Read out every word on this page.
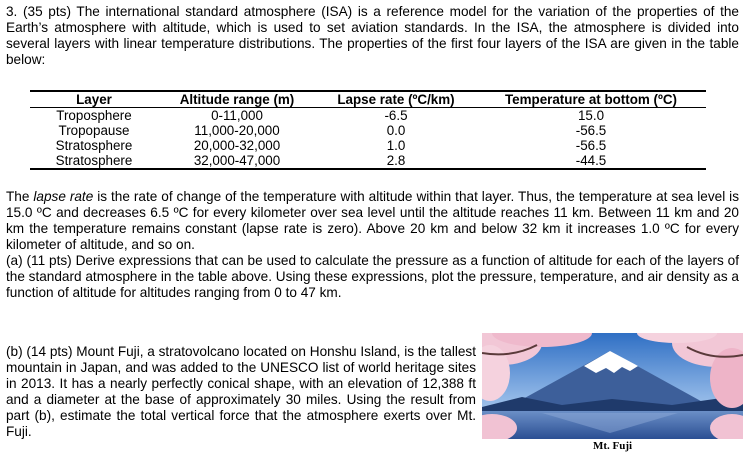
3. (35 pts) The international standard atmosphere (ISA) is a reference model for the variation of the properties of the Earth’s atmosphere with altitude, which is used to set aviation standards. In the ISA, the atmosphere is divided into several layers with linear temperature distributions. The properties of the first four layers of the ISA are given in the table below:

Layer	Altitude range (m)	Lapse rate (ºC/km)	Temperature at bottom (ºC)
Troposphere	0-11,000	-6.5	15.0
Tropopause	11,000-20,000	0.0	-56.5
Stratosphere	20,000-32,000	1.0	-56.5
Stratosphere	32,000-47,000	2.8	-44.5

The lapse rate is the rate of change of the temperature with altitude within that layer. Thus, the temperature at sea level is 15.0 ºC and decreases 6.5 ºC for every kilometer over sea level until the altitude reaches 11 km. Between 11 km and 20 km the temperature remains constant (lapse rate is zero). Above 20 km and below 32 km it increases 1.0 ºC for every kilometer of altitude, and so on.

(a) (11 pts) Derive expressions that can be used to calculate the pressure as a function of altitude for each of the layers of the standard atmosphere in the table above. Using these expressions, plot the pressure, temperature, and air density as a function of altitude for altitudes ranging from 0 to 47 km.

(b) (14 pts) Mount Fuji, a stratovolcano located on Honshu Island, is the tallest mountain in Japan, and was added to the UNESCO list of world heritage sites in 2013. It has a nearly perfectly conical shape, with an elevation of 12,388 ft and a diameter at the base of approximately 30 miles. Using the result from part (b), estimate the total vertical force that the atmosphere exerts over Mt. Fuji.

Mt. Fuji
